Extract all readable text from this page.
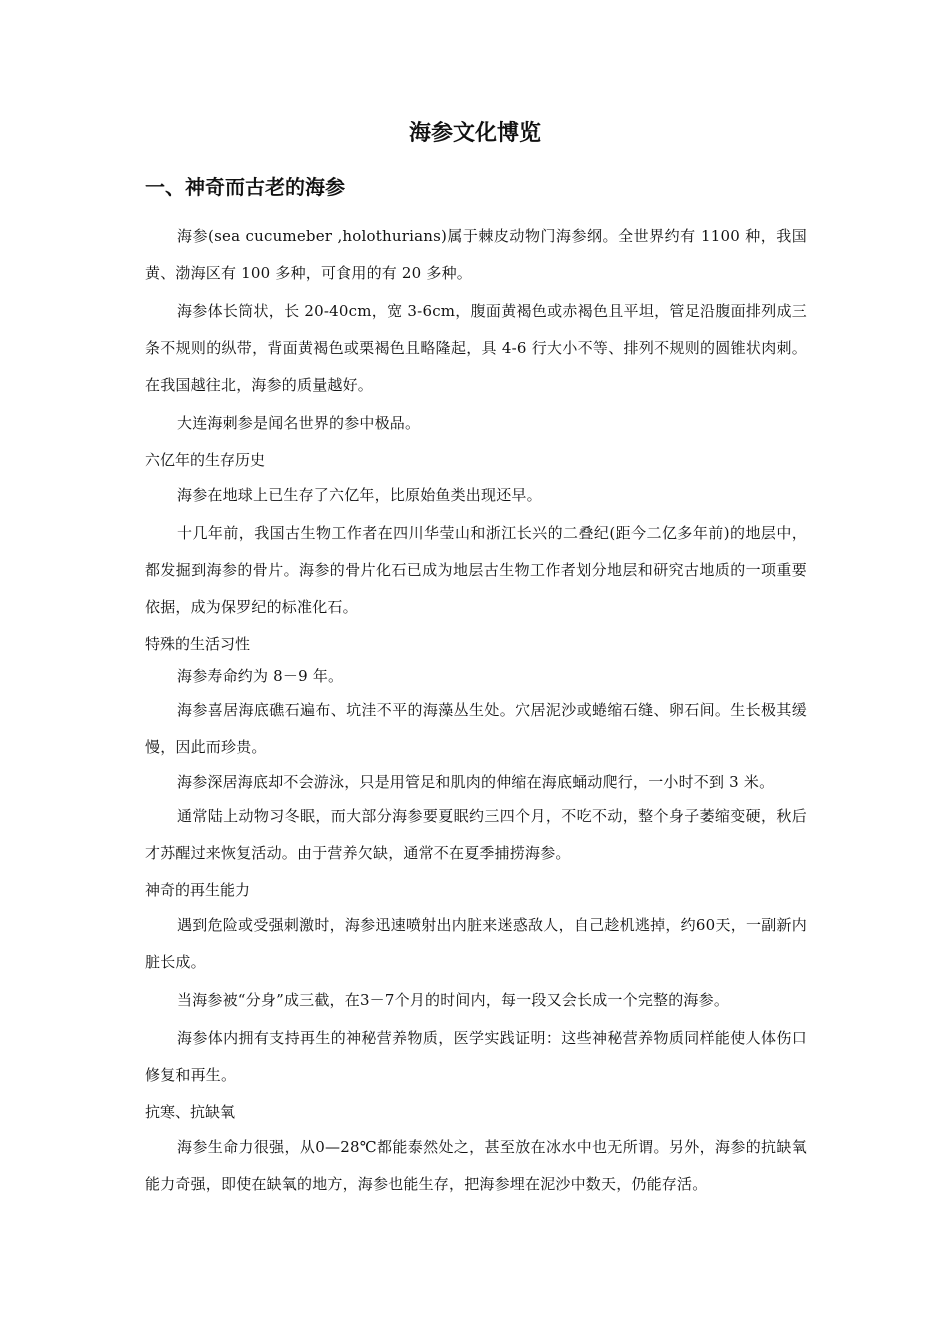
海参文化博览
一、神奇而古老的海参

海参(sea cucumeber ,holothurians)属于棘皮动物门海参纲。全世界约有 1100 种，我国黄、渤海区有 100 多种，可食用的有 20 多种。

海参体长筒状，长 20-40cm，宽 3-6cm，腹面黄褐色或赤褐色且平坦，管足沿腹面排列成三条不规则的纵带，背面黄褐色或栗褐色且略隆起，具 4-6 行大小不等、排列不规则的圆锥状肉刺。在我国越往北，海参的质量越好。

大连海刺参是闻名世界的参中极品。

六亿年的生存历史

海参在地球上已生存了六亿年，比原始鱼类出现还早。

十几年前，我国古生物工作者在四川华莹山和浙江长兴的二叠纪(距今二亿多年前)的地层中，都发掘到海参的骨片。海参的骨片化石已成为地层古生物工作者划分地层和研究古地质的一项重要依据，成为保罗纪的标准化石。

特殊的生活习性

海参寿命约为 8－9 年。

海参喜居海底礁石遍布、坑洼不平的海藻丛生处。穴居泥沙或蜷缩石缝、卵石间。生长极其缓慢，因此而珍贵。

海参深居海底却不会游泳，只是用管足和肌肉的伸缩在海底蛹动爬行，一小时不到 3 米。

通常陆上动物习冬眠，而大部分海参要夏眠约三四个月，不吃不动，整个身子萎缩变硬，秋后才苏醒过来恢复活动。由于营养欠缺，通常不在夏季捕捞海参。

神奇的再生能力

遇到危险或受强刺激时，海参迅速喷射出内脏来迷惑敌人，自己趁机逃掉，约60天，一副新内脏长成。

当海参被“分身”成三截，在3－7个月的时间内，每一段又会长成一个完整的海参。

海参体内拥有支持再生的神秘营养物质，医学实践证明：这些神秘营养物质同样能使人体伤口修复和再生。

抗寒、抗缺氧

海参生命力很强，从0—28℃都能泰然处之，甚至放在冰水中也无所谓。另外，海参的抗缺氧能力奇强，即使在缺氧的地方，海参也能生存，把海参埋在泥沙中数天，仍能存活。
